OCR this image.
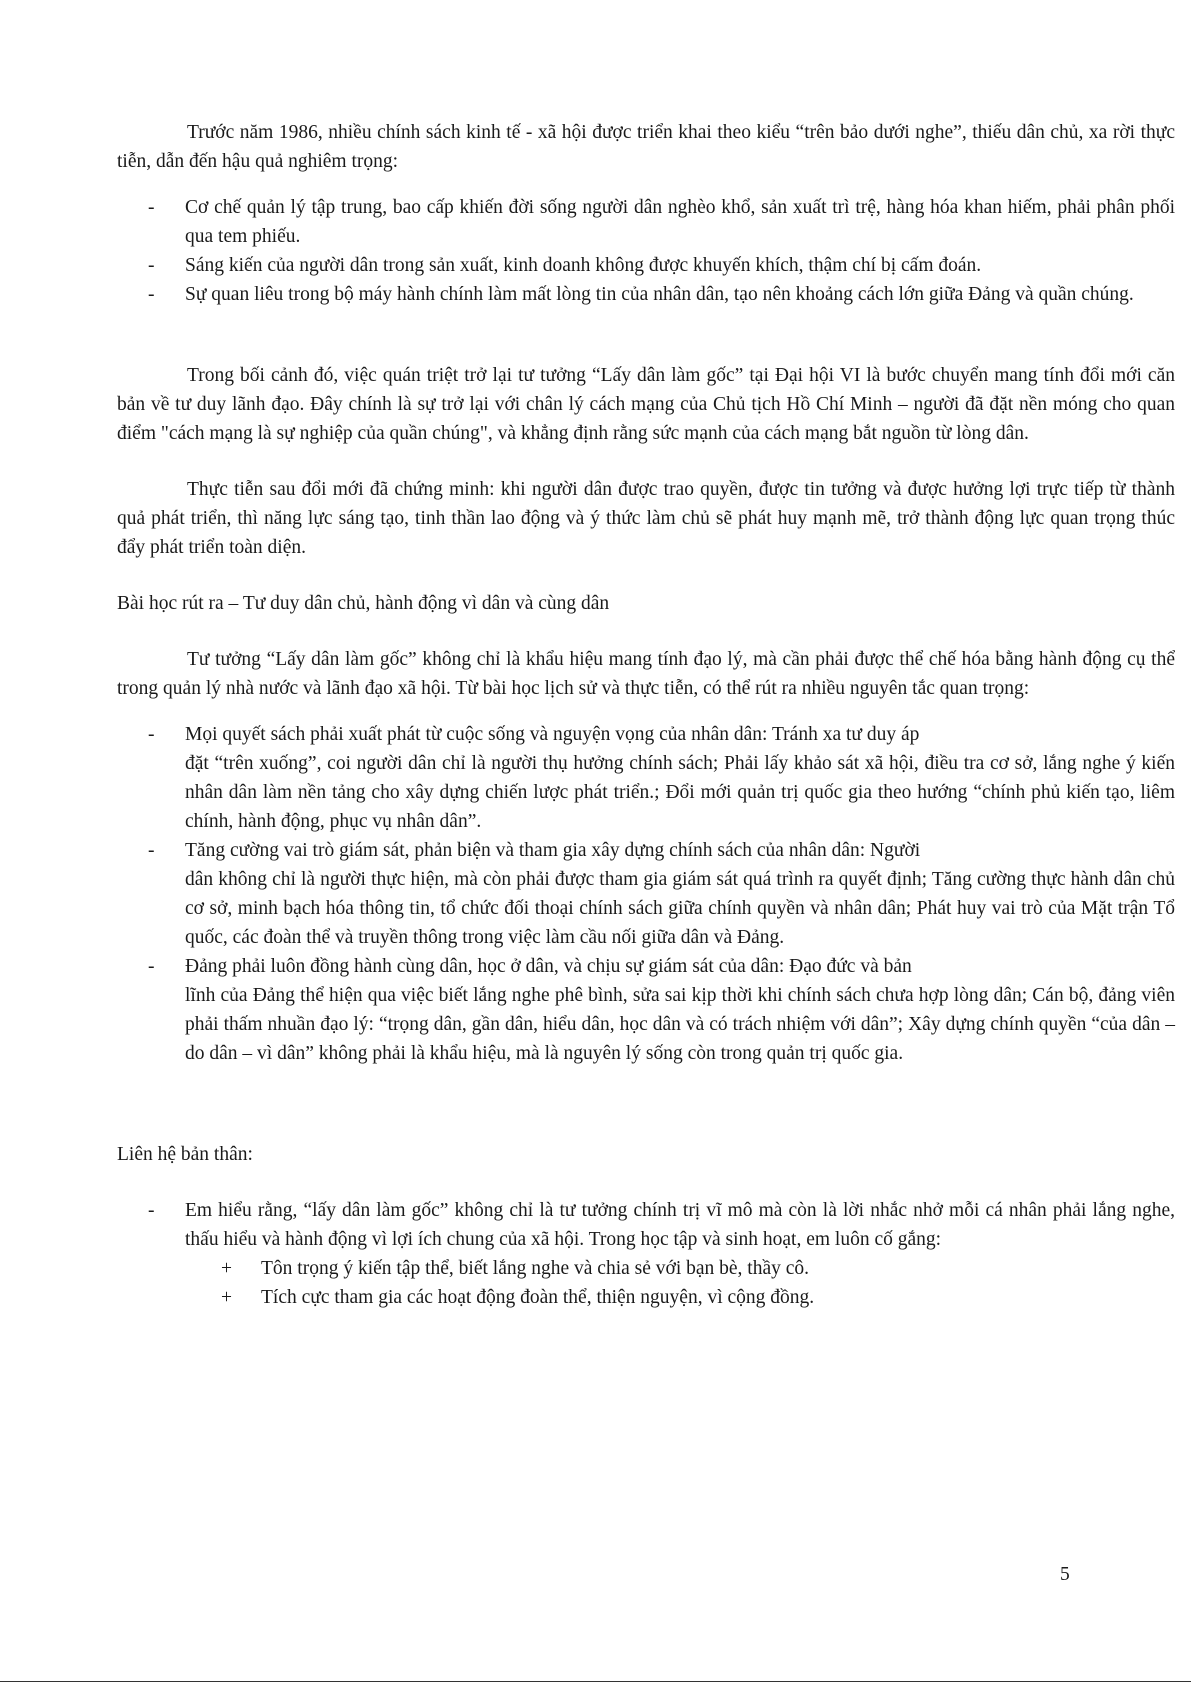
Trước năm 1986, nhiều chính sách kinh tế - xã hội được triển khai theo kiểu “trên bảo dưới nghe”, thiếu dân chủ, xa rời thực tiễn, dẫn đến hậu quả nghiêm trọng:

- Cơ chế quản lý tập trung, bao cấp khiến đời sống người dân nghèo khổ, sản xuất trì trệ, hàng hóa khan hiếm, phải phân phối qua tem phiếu.
- Sáng kiến của người dân trong sản xuất, kinh doanh không được khuyến khích, thậm chí bị cấm đoán.
- Sự quan liêu trong bộ máy hành chính làm mất lòng tin của nhân dân, tạo nên khoảng cách lớn giữa Đảng và quần chúng.

Trong bối cảnh đó, việc quán triệt trở lại tư tưởng “Lấy dân làm gốc” tại Đại hội VI là bước chuyển mang tính đổi mới căn bản về tư duy lãnh đạo. Đây chính là sự trở lại với chân lý cách mạng của Chủ tịch Hồ Chí Minh – người đã đặt nền móng cho quan điểm "cách mạng là sự nghiệp của quần chúng", và khẳng định rằng sức mạnh của cách mạng bắt nguồn từ lòng dân.

Thực tiễn sau đổi mới đã chứng minh: khi người dân được trao quyền, được tin tưởng và được hưởng lợi trực tiếp từ thành quả phát triển, thì năng lực sáng tạo, tinh thần lao động và ý thức làm chủ sẽ phát huy mạnh mẽ, trở thành động lực quan trọng thúc đẩy phát triển toàn diện.

Bài học rút ra – Tư duy dân chủ, hành động vì dân và cùng dân

Tư tưởng “Lấy dân làm gốc” không chỉ là khẩu hiệu mang tính đạo lý, mà cần phải được thể chế hóa bằng hành động cụ thể trong quản lý nhà nước và lãnh đạo xã hội. Từ bài học lịch sử và thực tiễn, có thể rút ra nhiều nguyên tắc quan trọng:

- Mọi quyết sách phải xuất phát từ cuộc sống và nguyện vọng của nhân dân: Tránh xa tư duy áp
đặt “trên xuống”, coi người dân chỉ là người thụ hưởng chính sách; Phải lấy khảo sát xã hội, điều tra cơ sở, lắng nghe ý kiến nhân dân làm nền tảng cho xây dựng chiến lược phát triển.; Đổi mới quản trị quốc gia theo hướng “chính phủ kiến tạo, liêm chính, hành động, phục vụ nhân dân”.
- Tăng cường vai trò giám sát, phản biện và tham gia xây dựng chính sách của nhân dân: Người
dân không chỉ là người thực hiện, mà còn phải được tham gia giám sát quá trình ra quyết định; Tăng cường thực hành dân chủ cơ sở, minh bạch hóa thông tin, tổ chức đối thoại chính sách giữa chính quyền và nhân dân; Phát huy vai trò của Mặt trận Tổ quốc, các đoàn thể và truyền thông trong việc làm cầu nối giữa dân và Đảng.
- Đảng phải luôn đồng hành cùng dân, học ở dân, và chịu sự giám sát của dân: Đạo đức và bản
lĩnh của Đảng thể hiện qua việc biết lắng nghe phê bình, sửa sai kịp thời khi chính sách chưa hợp lòng dân; Cán bộ, đảng viên phải thấm nhuần đạo lý: “trọng dân, gần dân, hiểu dân, học dân và có trách nhiệm với dân”; Xây dựng chính quyền “của dân – do dân – vì dân” không phải là khẩu hiệu, mà là nguyên lý sống còn trong quản trị quốc gia.

Liên hệ bản thân:

- Em hiểu rằng, “lấy dân làm gốc” không chỉ là tư tưởng chính trị vĩ mô mà còn là lời nhắc nhở mỗi cá nhân phải lắng nghe, thấu hiểu và hành động vì lợi ích chung của xã hội. Trong học tập và sinh hoạt, em luôn cố gắng:
+ Tôn trọng ý kiến tập thể, biết lắng nghe và chia sẻ với bạn bè, thầy cô.
+ Tích cực tham gia các hoạt động đoàn thể, thiện nguyện, vì cộng đồng.
5
